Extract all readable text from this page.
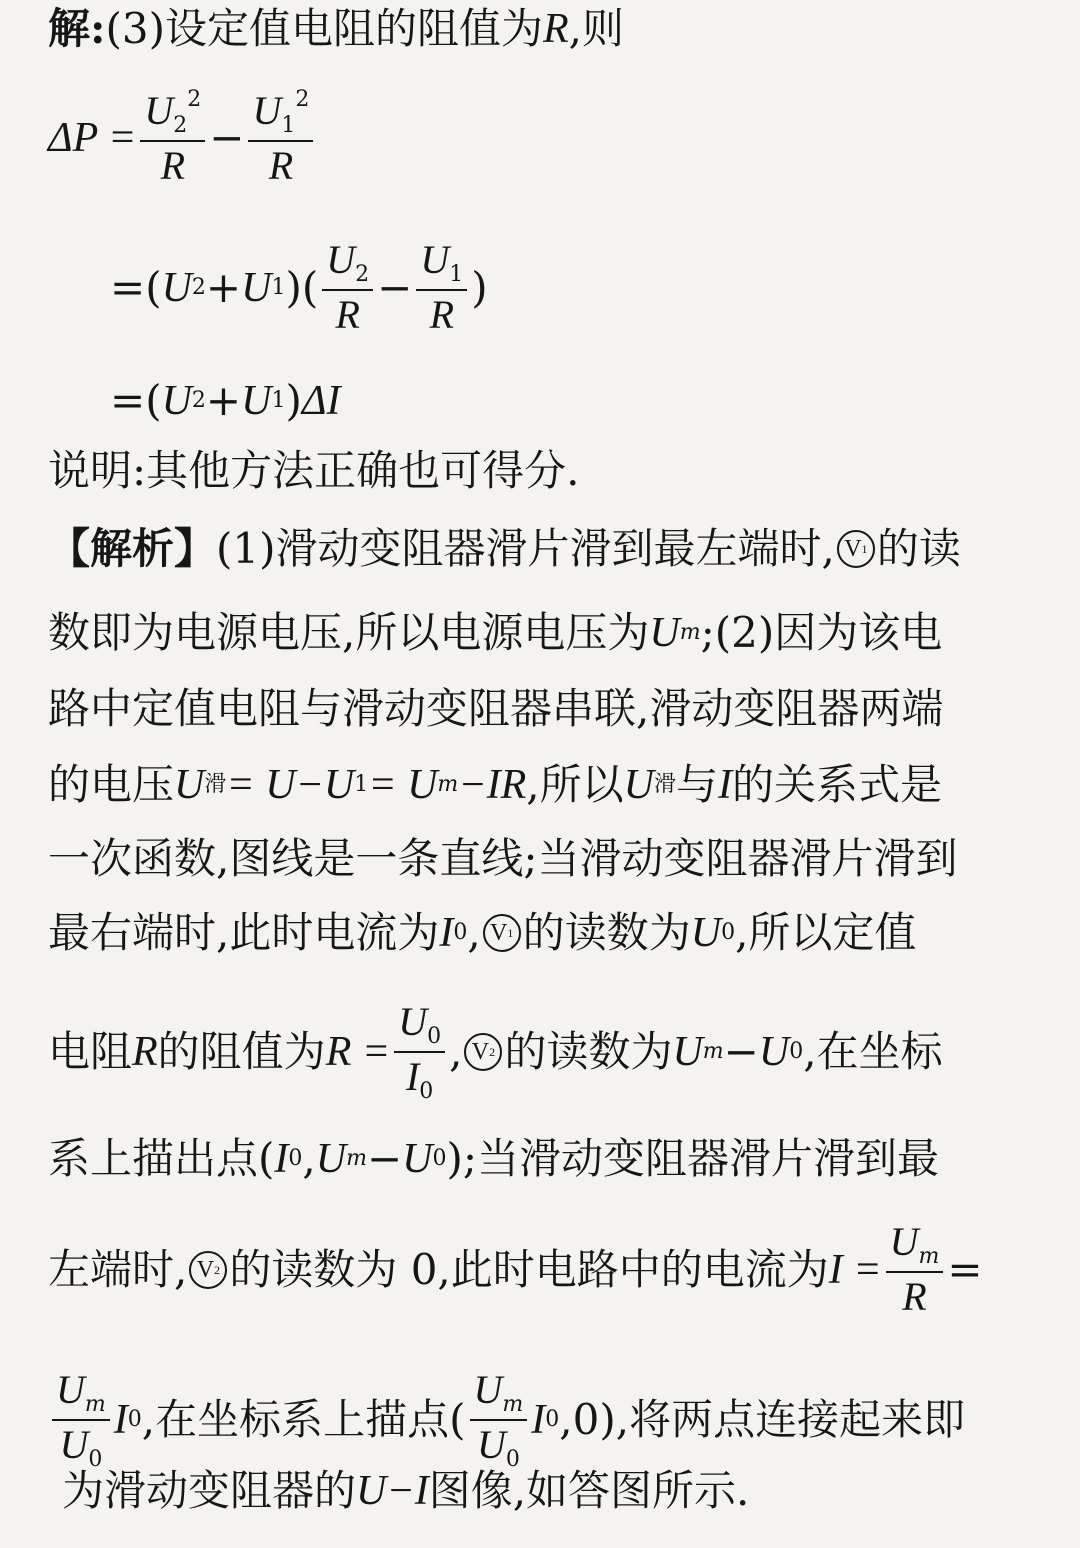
解: (3)设定值电阻的阻值为 R ,则
$\Delta P = \frac{U_2^2}{R} - \frac{U_1^2}{R}$
=( U 2 + U 1 )( $\frac{U_2}{R} - \frac{U_1}{R}$ )
=( U 2 + U 1 ) ΔI
说明:其他方法正确也可得分.
【解析】 (1)滑动变阻器滑片滑到最左端时, V 1 的读
数即为电源电压,所以电源电压为 U m ;(2)因为该电
路中定值电阻与滑动变阻器串联,滑动变阻器两端
的电压 U 滑 = U−U 1 = U m −IR ,所以 U 滑 与 I 的关系式是
一次函数,图线是一条直线;当滑动变阻器滑片滑到
最右端时,此时电流为 I 0 , V 1 的读数为 U 0 ,所以定值
电阻 R 的阻值为 $R = \frac{U_0}{I_0}$ , V 2 的读数为 U m − U 0 ,在坐标
系上描出点( I 0 , U m − U 0 );当滑动变阻器滑片滑到最
左端时, V 2 的读数为 0,此时电路中的电流为 $I = \frac{U_m}{R}$ =
$\frac{U_m}{U_0}$ I 0 ,在坐标系上描点( $\frac{U_m}{U_0}$ I 0 ,0),将两点连接起来即
为滑动变阻器的 U−I 图像,如答图所示.
